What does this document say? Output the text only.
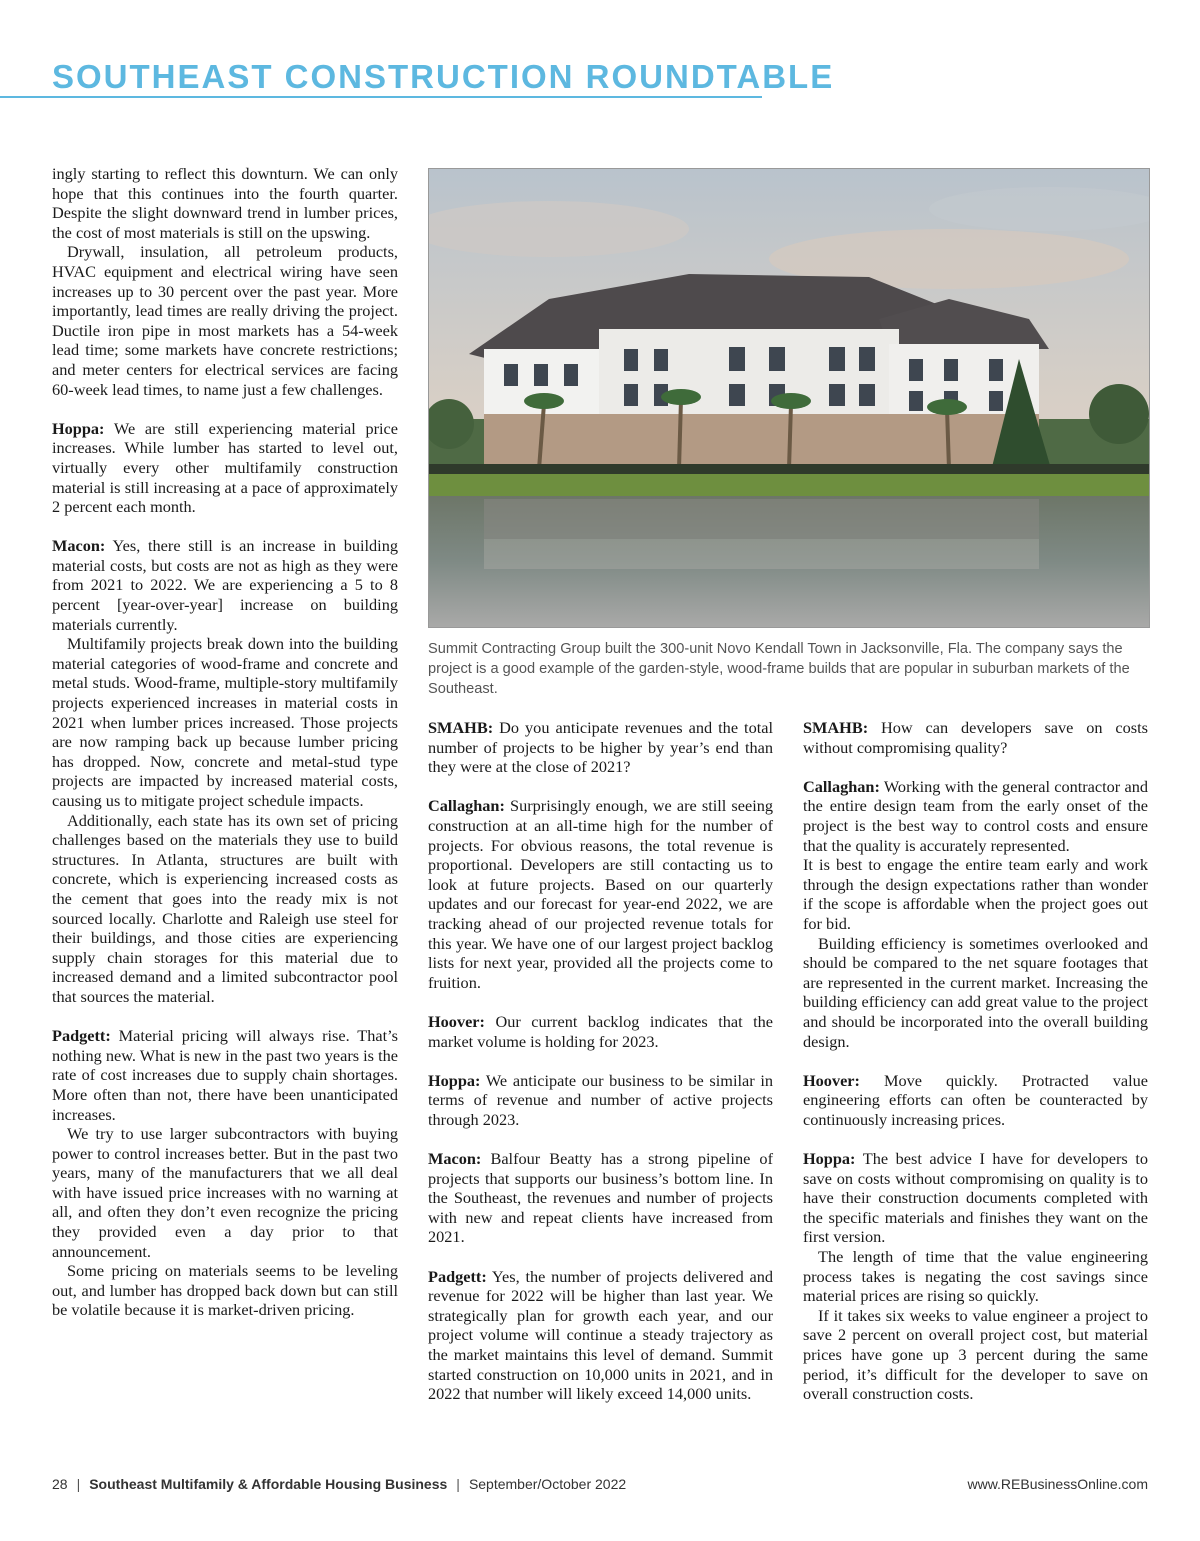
SOUTHEAST CONSTRUCTION ROUNDTABLE

ingly starting to reflect this downturn. We can only hope that this continues into the fourth quarter. Despite the slight downward trend in lumber prices, the cost of most materials is still on the upswing.

Drywall, insulation, all petroleum products, HVAC equipment and electrical wiring have seen increases up to 30 percent over the past year. More importantly, lead times are really driving the project. Ductile iron pipe in most markets has a 54-week lead time; some markets have concrete restrictions; and meter centers for electrical services are facing 60-week lead times, to name just a few challenges.

Hoppa: We are still experiencing material price increases. While lumber has started to level out, virtually every other multifamily construction material is still increasing at a pace of approximately 2 percent each month.

Macon: Yes, there still is an increase in building material costs, but costs are not as high as they were from 2021 to 2022. We are experiencing a 5 to 8 percent [year-over-year] increase on building materials currently.

Multifamily projects break down into the building material categories of wood-frame and concrete and metal studs. Wood-frame, multiple-story multifamily projects experienced increases in material costs in 2021 when lumber prices increased. Those projects are now ramping back up because lumber pricing has dropped. Now, concrete and metal-stud type projects are impacted by increased material costs, causing us to mitigate project schedule impacts.

Additionally, each state has its own set of pricing challenges based on the materials they use to build structures. In Atlanta, structures are built with concrete, which is experiencing increased costs as the cement that goes into the ready mix is not sourced locally. Charlotte and Raleigh use steel for their buildings, and those cities are experiencing supply chain storages for this material due to increased demand and a limited subcontractor pool that sources the material.

Padgett: Material pricing will always rise. That’s nothing new. What is new in the past two years is the rate of cost increases due to supply chain shortages. More often than not, there have been unanticipated increases.

We try to use larger subcontractors with buying power to control increases better. But in the past two years, many of the manufacturers that we all deal with have issued price increases with no warning at all, and often they don’t even recognize the pricing they provided even a day prior to that announcement.

Some pricing on materials seems to be leveling out, and lumber has dropped back down but can still be volatile because it is market-driven pricing.

Summit Contracting Group built the 300-unit Novo Kendall Town in Jacksonville, Fla. The company says the project is a good example of the garden-style, wood-frame builds that are popular in suburban markets of the Southeast.

SMAHB: Do you anticipate revenues and the total number of projects to be higher by year’s end than they were at the close of 2021?

Callaghan: Surprisingly enough, we are still seeing construction at an all-time high for the number of projects. For obvious reasons, the total revenue is proportional. Developers are still contacting us to look at future projects. Based on our quarterly updates and our forecast for year-end 2022, we are tracking ahead of our projected revenue totals for this year. We have one of our largest project backlog lists for next year, provided all the projects come to fruition.

Hoover: Our current backlog indicates that the market volume is holding for 2023.

Hoppa: We anticipate our business to be similar in terms of revenue and number of active projects through 2023.

Macon: Balfour Beatty has a strong pipeline of projects that supports our business’s bottom line. In the Southeast, the revenues and number of projects with new and repeat clients have increased from 2021.

Padgett: Yes, the number of projects delivered and revenue for 2022 will be higher than last year. We strategically plan for growth each year, and our project volume will continue a steady trajectory as the market maintains this level of demand. Summit started construction on 10,000 units in 2021, and in 2022 that number will likely exceed 14,000 units.

SMAHB: How can developers save on costs without compromising quality?

Callaghan: Working with the general contractor and the entire design team from the early onset of the project is the best way to control costs and ensure that the quality is accurately represented.

It is best to engage the entire team early and work through the design expectations rather than wonder if the scope is affordable when the project goes out for bid.

Building efficiency is sometimes overlooked and should be compared to the net square footages that are represented in the current market. Increasing the building efficiency can add great value to the project and should be incorporated into the overall building design.

Hoover: Move quickly. Protracted value engineering efforts can often be counteracted by continuously increasing prices.

Hoppa: The best advice I have for developers to save on costs without compromising on quality is to have their construction documents completed with the specific materials and finishes they want on the first version.

The length of time that the value engineering process takes is negating the cost savings since material prices are rising so quickly.

If it takes six weeks to value engineer a project to save 2 percent on overall project cost, but material prices have gone up 3 percent during the same period, it’s difficult for the developer to save on overall construction costs.

28 | Southeast Multifamily & Affordable Housing Business | September/October 2022	www.REBusinessOnline.com
